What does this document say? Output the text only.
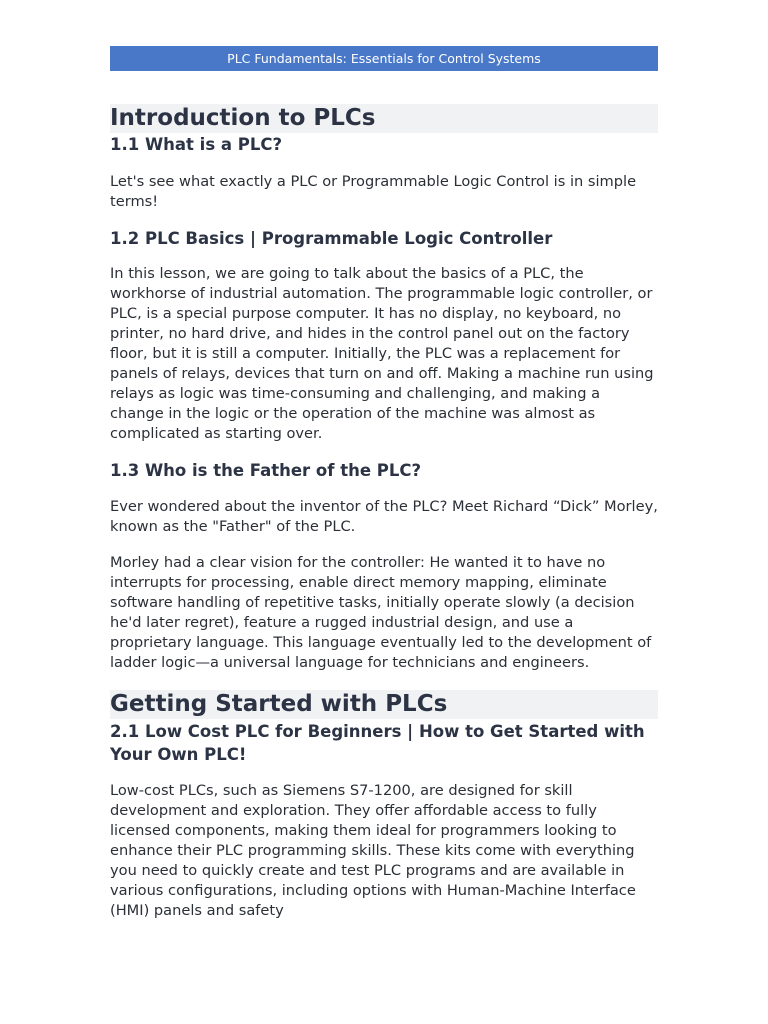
PLC Fundamentals: Essentials for Control Systems
Introduction to PLCs
1.1 What is a PLC?

Let's see what exactly a PLC or Programmable Logic Control is in simple terms!

1.2 PLC Basics | Programmable Logic Controller

In this lesson, we are going to talk about the basics of a PLC, the workhorse of industrial automation. The programmable logic controller, or PLC, is a special purpose computer. It has no display, no keyboard, no printer, no hard drive, and hides in the control panel out on the factory floor, but it is still a computer. Initially, the PLC was a replacement for panels of relays, devices that turn on and off. Making a machine run using relays as logic was time-consuming and challenging, and making a change in the logic or the operation of the machine was almost as complicated as starting over.

1.3 Who is the Father of the PLC?

Ever wondered about the inventor of the PLC? Meet Richard “Dick” Morley, known as the "Father" of the PLC.

Morley had a clear vision for the controller: He wanted it to have no interrupts for processing, enable direct memory mapping, eliminate software handling of repetitive tasks, initially operate slowly (a decision he'd later regret), feature a rugged industrial design, and use a proprietary language. This language eventually led to the development of ladder logic—a universal language for technicians and engineers.

Getting Started with PLCs
2.1 Low Cost PLC for Beginners | How to Get Started with Your Own PLC!

Low-cost PLCs, such as Siemens S7-1200, are designed for skill development and exploration. They offer affordable access to fully licensed components, making them ideal for programmers looking to enhance their PLC programming skills. These kits come with everything you need to quickly create and test PLC programs and are available in various configurations, including options with Human-Machine Interface (HMI) panels and safety
